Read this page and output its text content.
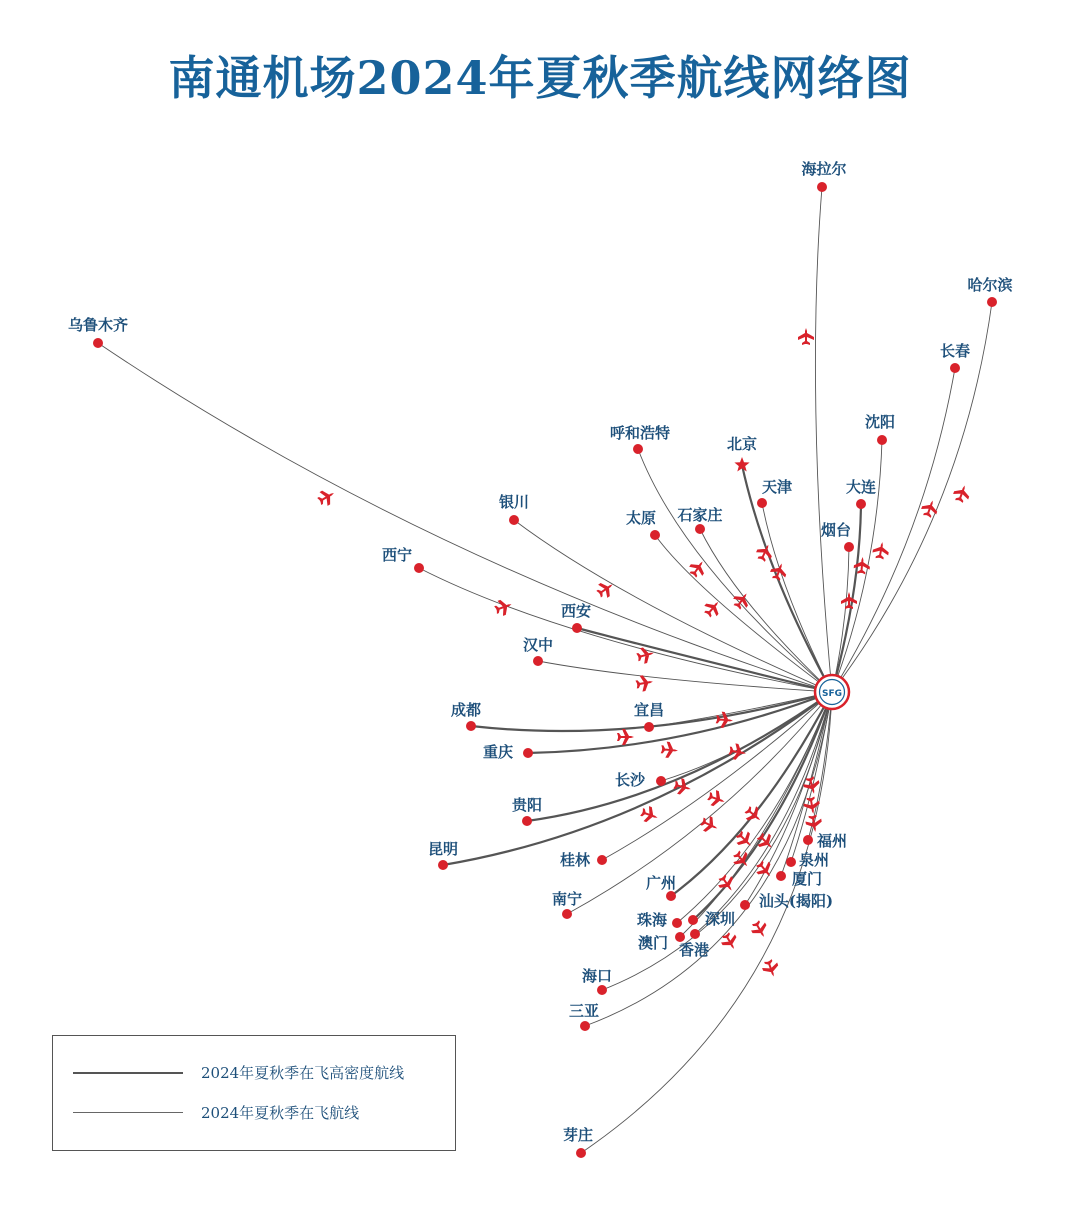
南通机场2024年夏秋季航线网络图
海拉尔
哈尔滨
长春
沈阳
大连
烟台
北京
天津
石家庄
太原
呼和浩特
银川
乌鲁木齐
西宁
西安
汉中
成都	宜昌
重庆
长沙
贵阳
昆明
桂林
南宁
广州
珠海	深圳
澳门 香港
汕头(揭阳)
厦门
泉州
福州
海口
三亚
芽庄
SFG
2024年夏秋季在飞高密度航线
2024年夏秋季在飞航线
